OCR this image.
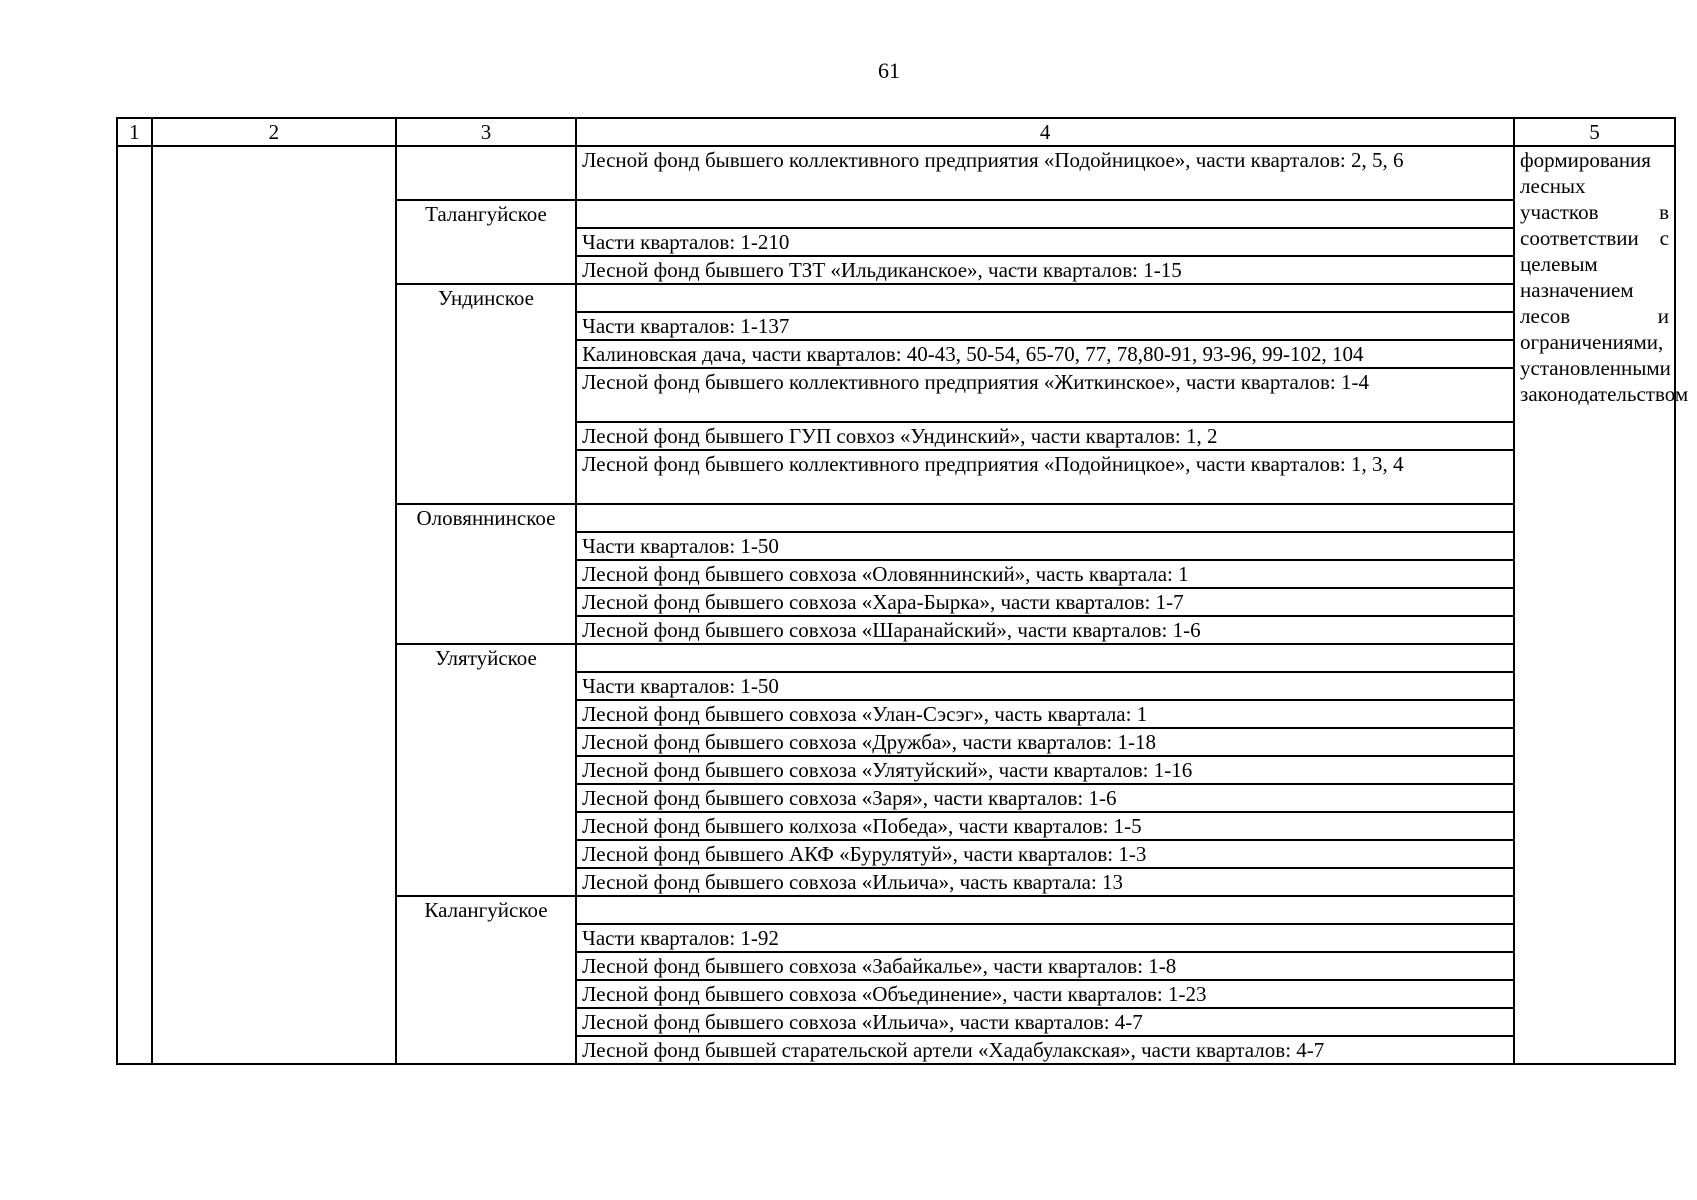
61
1	2	3	4	5
			Лесной фонд бывшего коллективного предприятия «Подойницкое», части кварталов: 2, 5, 6	формирования лесных участков в соответствии с целевым назначением лесов и ограничениями, установленными законодательством
		Талангуйское		
			Части кварталов: 1-210	
			Лесной фонд бывшего ТЗТ «Ильдиканское», части кварталов: 1-15	
		Ундинское		
			Части кварталов: 1-137	
			Калиновская дача, части кварталов: 40-43, 50-54, 65-70, 77, 78,80-91, 93-96, 99-102, 104	
			Лесной фонд бывшего коллективного предприятия «Житкинское», части кварталов: 1-4	
			Лесной фонд бывшего ГУП совхоз «Ундинский», части кварталов: 1, 2	
			Лесной фонд бывшего коллективного предприятия «Подойницкое», части кварталов: 1, 3, 4	
		Оловяннинское		
			Части кварталов: 1-50	
			Лесной фонд бывшего совхоза «Оловяннинский», часть квартала: 1	
			Лесной фонд бывшего совхоза «Хара-Бырка», части кварталов: 1-7	
			Лесной фонд бывшего совхоза «Шаранайский», части кварталов: 1-6	
		Улятуйское		
			Части кварталов: 1-50	
			Лесной фонд бывшего совхоза «Улан-Сэсэг», часть квартала: 1	
			Лесной фонд бывшего совхоза «Дружба», части кварталов: 1-18	
			Лесной фонд бывшего совхоза «Улятуйский», части кварталов: 1-16	
			Лесной фонд бывшего совхоза «Заря», части кварталов: 1-6	
			Лесной фонд бывшего колхоза «Победа», части кварталов: 1-5	
			Лесной фонд бывшего АКФ «Бурулятуй», части кварталов: 1-3	
			Лесной фонд бывшего совхоза «Ильича», часть квартала: 13	
		Калангуйское		
			Части кварталов: 1-92	
			Лесной фонд бывшего совхоза «Забайкалье», части кварталов: 1-8	
			Лесной фонд бывшего совхоза «Объединение», части кварталов: 1-23	
			Лесной фонд бывшего совхоза «Ильича», части кварталов: 4-7	
			Лесной фонд бывшей старательской артели «Хадабулакская», части кварталов: 4-7	
